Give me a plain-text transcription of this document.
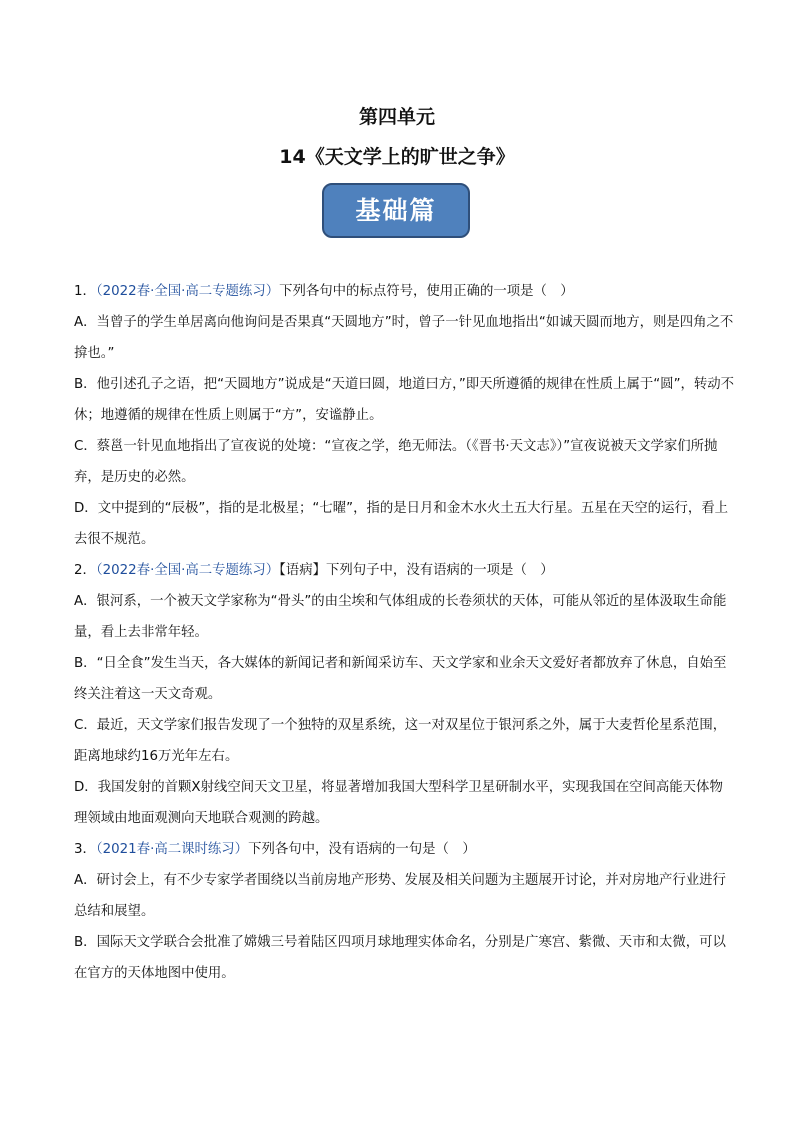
第四单元
14《天文学上的旷世之争》
基础篇

1．（2022春·全国·高二专题练习）下列各句中的标点符号，使用正确的一项是（　）

A．当曾子的学生单居离向他询问是否果真“天圆地方”时，曾子一针见血地指出“如诚天圆而地方，则是四角之不揜也。”

B．他引述孔子之语，把“天圆地方”说成是“天道曰圆，地道曰方，”即天所遵循的规律在性质上属于“圆”，转动不休；地遵循的规律在性质上则属于“方”，安谧静止。

C．蔡邕一针见血地指出了宣夜说的处境：“宣夜之学，绝无师法。（《晋书·天文志》）”宣夜说被天文学家们所抛弃，是历史的必然。

D．文中提到的“辰极”，指的是北极星；“七曜”，指的是日月和金木水火土五大行星。五星在天空的运行，看上去很不规范。

2．（2022春·全国·高二专题练习）【语病】下列句子中，没有语病的一项是（　）

A．银河系，一个被天文学家称为“骨头”的由尘埃和气体组成的长卷须状的天体，可能从邻近的星体汲取生命能量，看上去非常年轻。

B．“日全食”发生当天，各大媒体的新闻记者和新闻采访车、天文学家和业余天文爱好者都放弃了休息，自始至终关注着这一天文奇观。

C．最近，天文学家们报告发现了一个独特的双星系统，这一对双星位于银河系之外，属于大麦哲伦星系范围，距离地球约16万光年左右。

D．我国发射的首颗X射线空间天文卫星，将显著增加我国大型科学卫星研制水平，实现我国在空间高能天体物理领域由地面观测向天地联合观测的跨越。

3．（2021春·高二课时练习）下列各句中，没有语病的一句是（　）

A．研讨会上，有不少专家学者围绕以当前房地产形势、发展及相关问题为主题展开讨论，并对房地产行业进行总结和展望。

B．国际天文学联合会批准了嫦娥三号着陆区四项月球地理实体命名，分别是广寒宫、紫微、天市和太微，可以在官方的天体地图中使用。
